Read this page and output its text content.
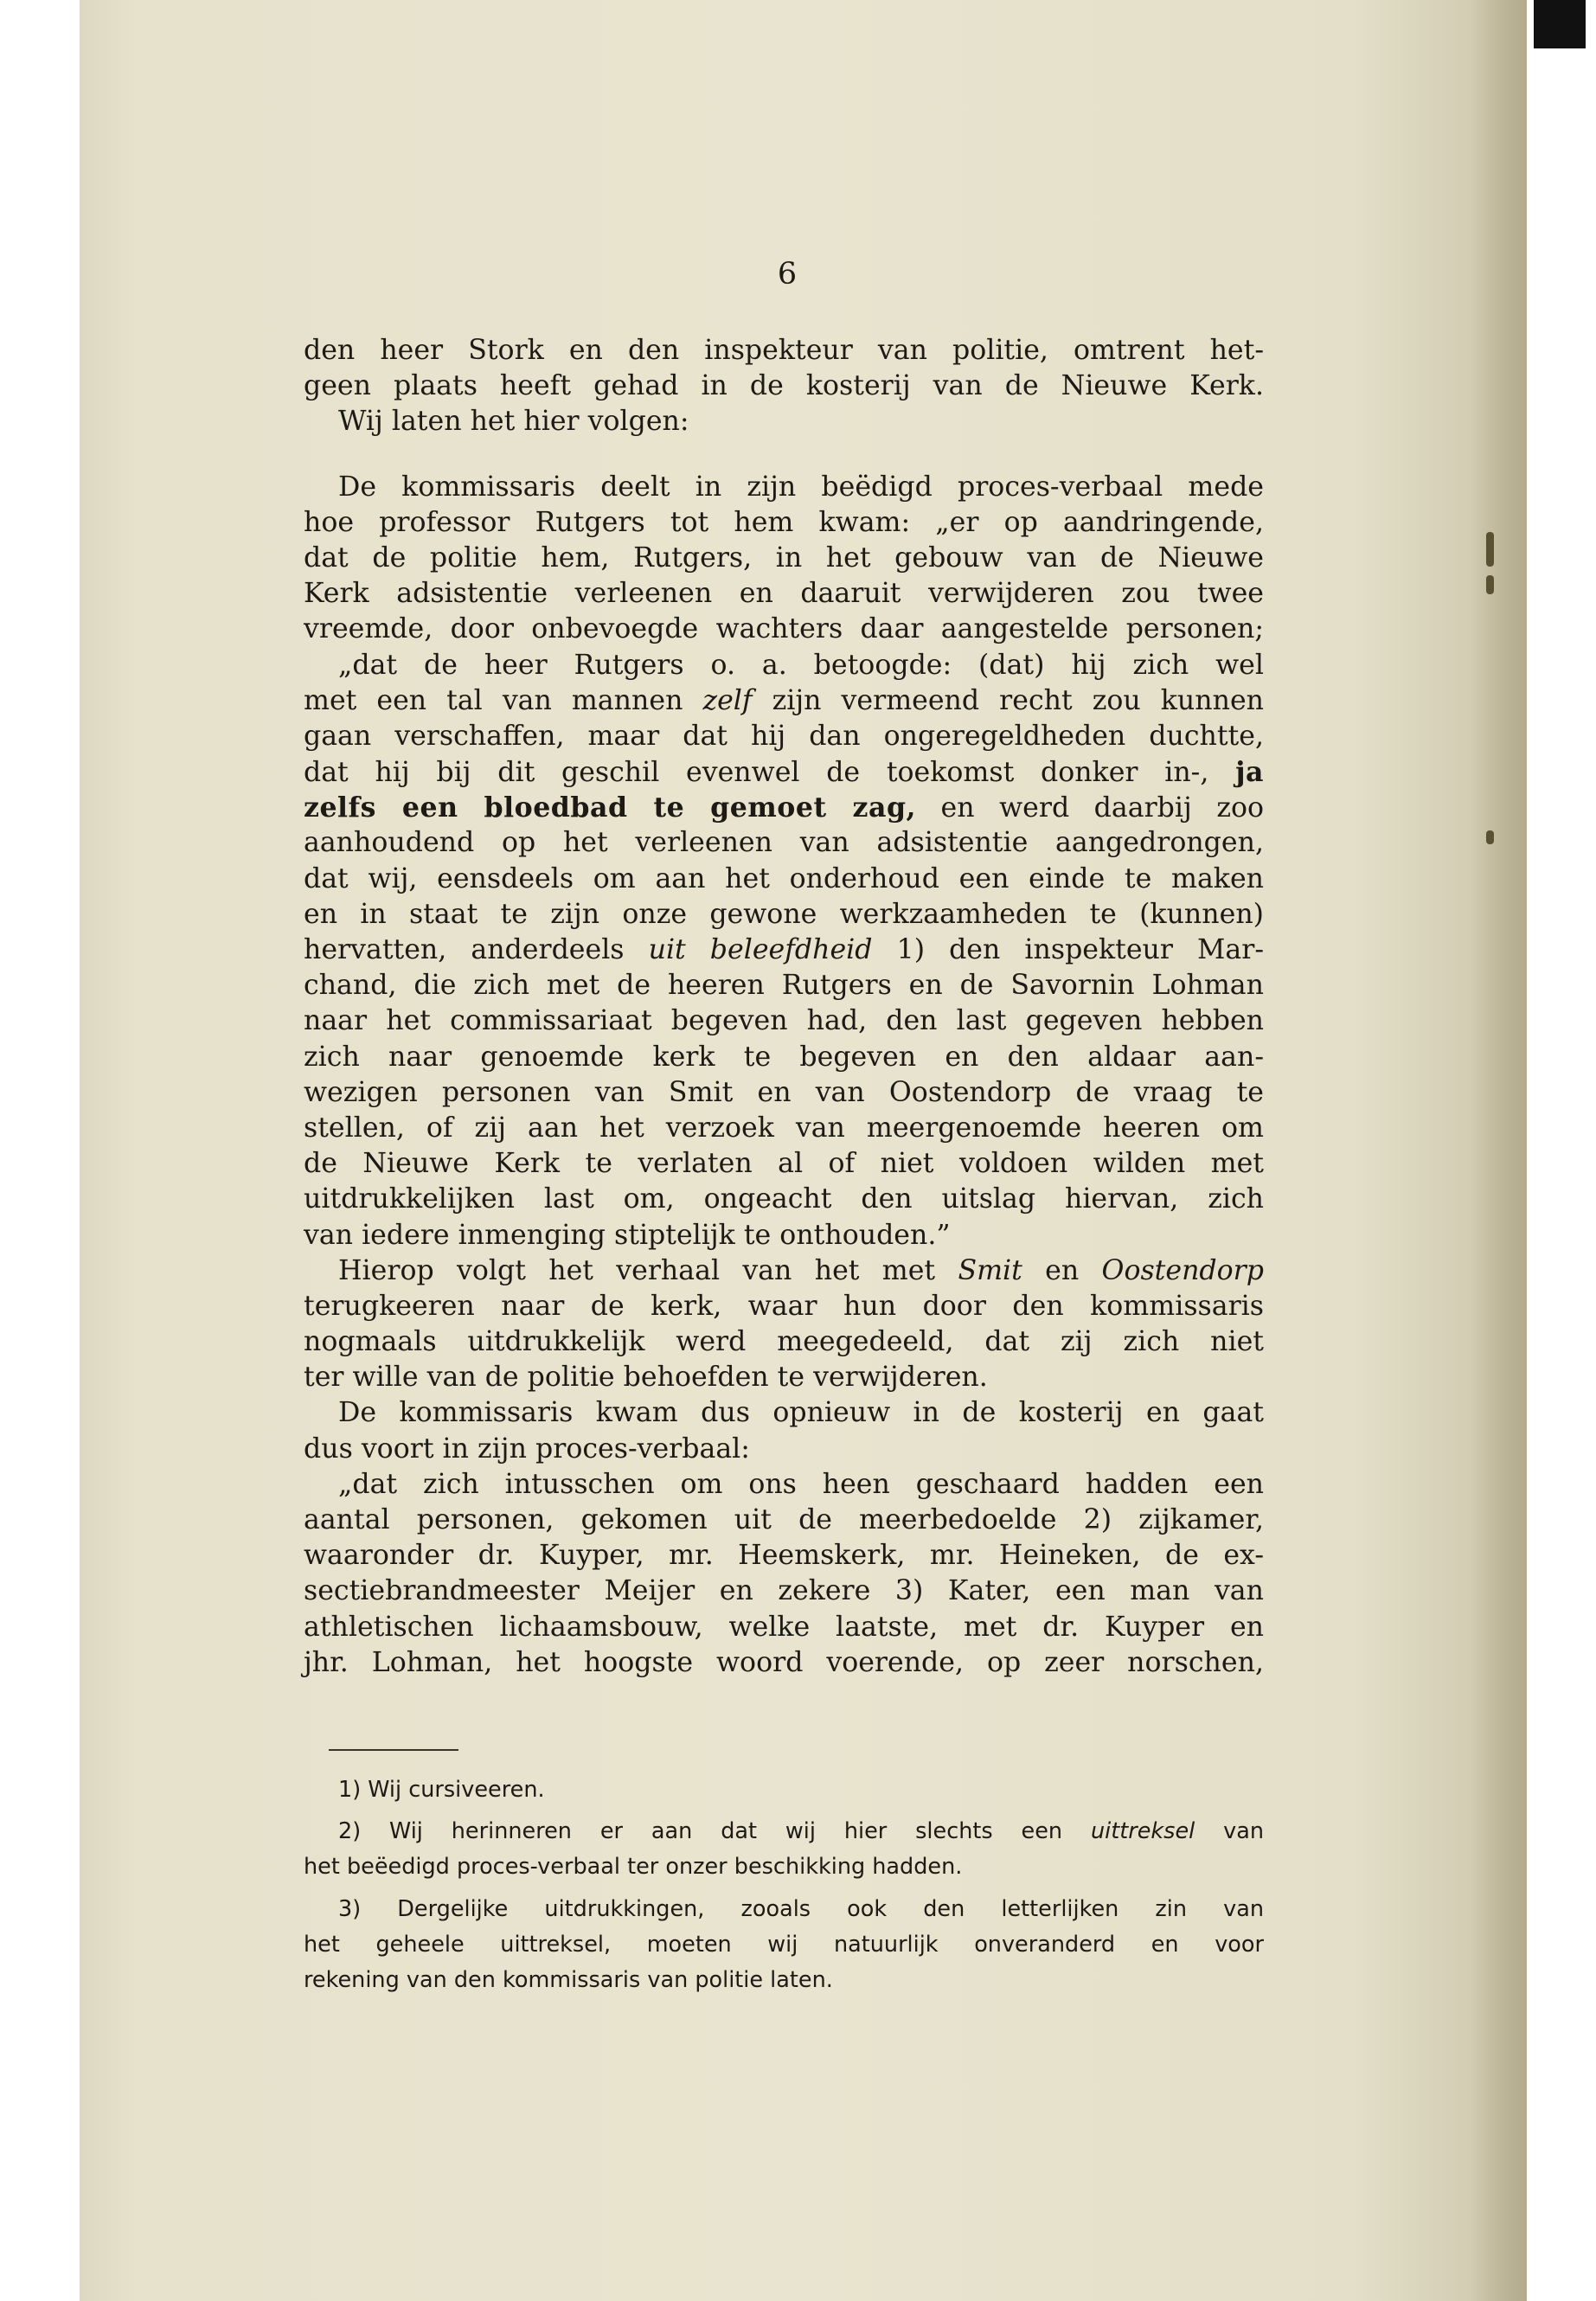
6
den heer Stork en den inspekteur van politie, omtrent het-
geen plaats heeft gehad in de kosterij van de Nieuwe Kerk.
Wij laten het hier volgen:
De kommissaris deelt in zijn beëdigd proces-verbaal mede
hoe professor Rutgers tot hem kwam: „er op aandringende,
dat de politie hem, Rutgers, in het gebouw van de Nieuwe
Kerk adsistentie verleenen en daaruit verwijderen zou twee
vreemde, door onbevoegde wachters daar aangestelde personen;
„dat de heer Rutgers o. a. betoogde: (dat) hij zich wel
met een tal van mannen zelf zijn vermeend recht zou kunnen
gaan verschaffen, maar dat hij dan ongeregeldheden duchtte,
dat hij bij dit geschil evenwel de toekomst donker in-, ja
zelfs een bloedbad te gemoet zag, en werd daarbij zoo
aanhoudend op het verleenen van adsistentie aangedrongen,
dat wij, eensdeels om aan het onderhoud een einde te maken
en in staat te zijn onze gewone werkzaamheden te (kunnen)
hervatten, anderdeels uit beleefdheid 1) den inspekteur Mar-
chand, die zich met de heeren Rutgers en de Savornin Lohman
naar het commissariaat begeven had, den last gegeven hebben
zich naar genoemde kerk te begeven en den aldaar aan-
wezigen personen van Smit en van Oostendorp de vraag te
stellen, of zij aan het verzoek van meergenoemde heeren om
de Nieuwe Kerk te verlaten al of niet voldoen wilden met
uitdrukkelijken last om, ongeacht den uitslag hiervan, zich
van iedere inmenging stiptelijk te onthouden.”
Hierop volgt het verhaal van het met Smit en Oostendorp
terugkeeren naar de kerk, waar hun door den kommissaris
nogmaals uitdrukkelijk werd meegedeeld, dat zij zich niet
ter wille van de politie behoefden te verwijderen.
De kommissaris kwam dus opnieuw in de kosterij en gaat
dus voort in zijn proces-verbaal:
„dat zich intusschen om ons heen geschaard hadden een
aantal personen, gekomen uit de meerbedoelde 2) zijkamer,
waaronder dr. Kuyper, mr. Heemskerk, mr. Heineken, de ex-
sectiebrandmeester Meijer en zekere 3) Kater, een man van
athletischen lichaamsbouw, welke laatste, met dr. Kuyper en
jhr. Lohman, het hoogste woord voerende, op zeer norschen,
1) Wij cursiveeren.
2) Wij herinneren er aan dat wij hier slechts een uittreksel van
het beëedigd proces-verbaal ter onzer beschikking hadden.
3) Dergelijke uitdrukkingen, zooals ook den letterlijken zin van
het geheele uittreksel, moeten wij natuurlijk onveranderd en voor
rekening van den kommissaris van politie laten.
